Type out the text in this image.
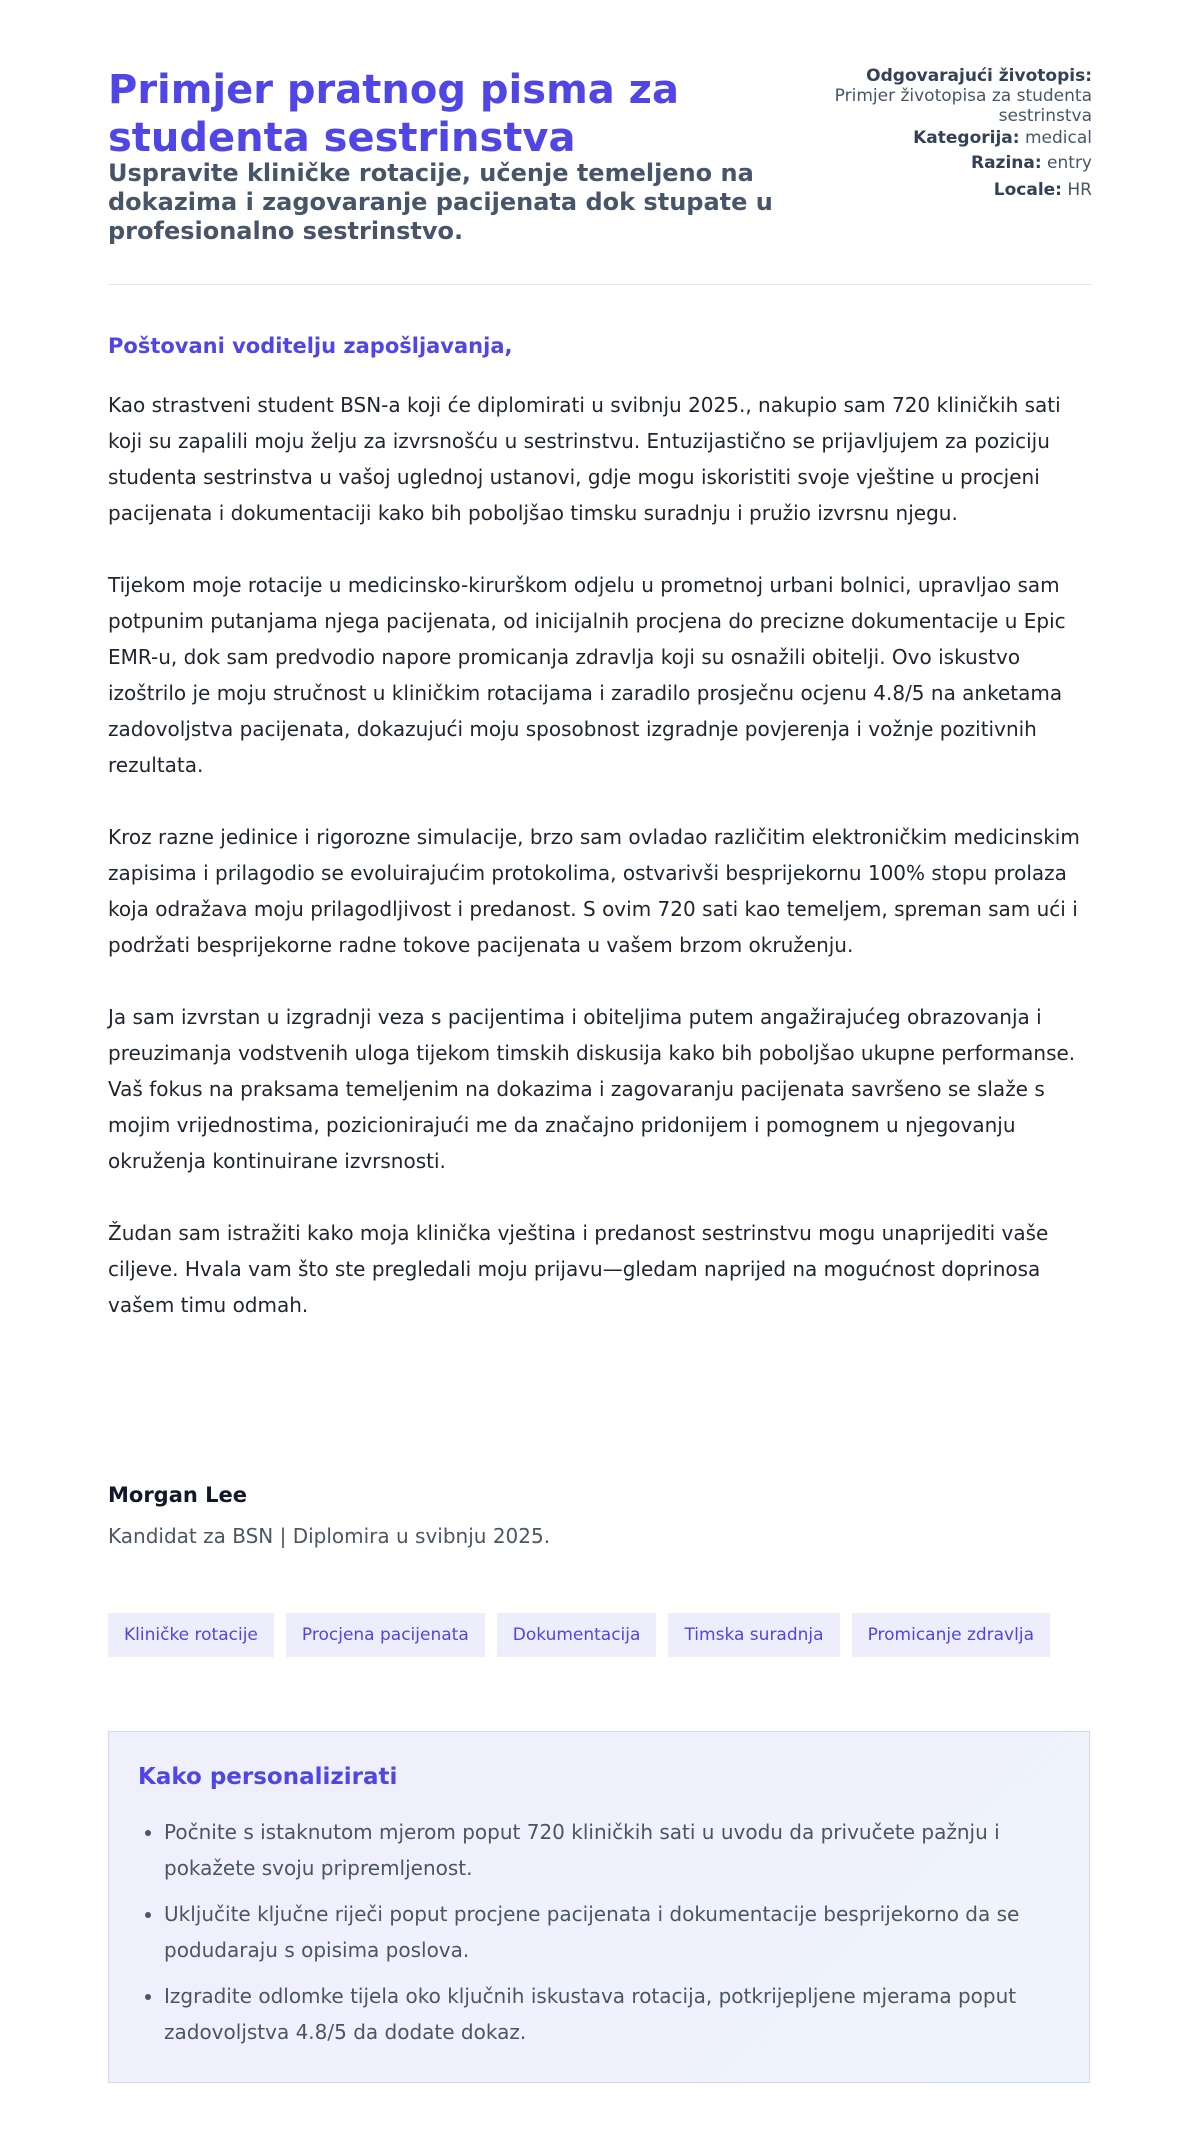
Primjer pratnog pisma za studenta sestrinstva
Uspravite kliničke rotacije, učenje temeljeno na dokazima i zagovaranje pacijenata dok stupate u profesionalno sestrinstvo.
Odgovarajući životopis:
Primjer životopisa za studenta sestrinstva
Kategorija: medical
Razina: entry
Locale: HR

Poštovani voditelju zapošljavanja,

Kao strastveni student BSN-a koji će diplomirati u svibnju 2025., nakupio sam 720 kliničkih sati koji su zapalili moju želju za izvrsnošću u sestrinstvu. Entuzijastično se prijavljujem za poziciju studenta sestrinstva u vašoj uglednoj ustanovi, gdje mogu iskoristiti svoje vještine u procjeni pacijenata i dokumentaciji kako bih poboljšao timsku suradnju i pružio izvrsnu njegu.

Tijekom moje rotacije u medicinsko-kirurškom odjelu u prometnoj urbani bolnici, upravljao sam potpunim putanjama njega pacijenata, od inicijalnih procjena do precizne dokumentacije u Epic EMR-u, dok sam predvodio napore promicanja zdravlja koji su osnažili obitelji. Ovo iskustvo izoštrilo je moju stručnost u kliničkim rotacijama i zaradilo prosječnu ocjenu 4.8/5 na anketama zadovoljstva pacijenata, dokazujući moju sposobnost izgradnje povjerenja i vožnje pozitivnih rezultata.

Kroz razne jedinice i rigorozne simulacije, brzo sam ovladao različitim elektroničkim medicinskim zapisima i prilagodio se evoluirajućim protokolima, ostvarivši besprijekornu 100% stopu prolaza koja odražava moju prilagodljivost i predanost. S ovim 720 sati kao temeljem, spreman sam ući i podržati besprijekorne radne tokove pacijenata u vašem brzom okruženju.

Ja sam izvrstan u izgradnji veza s pacijentima i obiteljima putem angažirajućeg obrazovanja i preuzimanja vodstvenih uloga tijekom timskih diskusija kako bih poboljšao ukupne performanse. Vaš fokus na praksama temeljenim na dokazima i zagovaranju pacijenata savršeno se slaže s mojim vrijednostima, pozicionirajući me da značajno pridonijem i pomognem u njegovanju okruženja kontinuirane izvrsnosti.

Žudan sam istražiti kako moja klinička vještina i predanost sestrinstvu mogu unaprijediti vaše ciljeve. Hvala vam što ste pregledali moju prijavu—gledam naprijed na mogućnost doprinosa vašem timu odmah.

Morgan Lee

Kandidat za BSN | Diplomira u svibnju 2025.

Kliničke rotacije	Procjena pacijenata	Dokumentacija	Timska suradnja	Promicanje zdravlja
Kako personalizirati
• Počnite s istaknutom mjerom poput 720 kliničkih sati u uvodu da privučete pažnju i pokažete svoju pripremljenost.
• Uključite ključne riječi poput procjene pacijenata i dokumentacije besprijekorno da se podudaraju s opisima poslova.
• Izgradite odlomke tijela oko ključnih iskustava rotacija, potkrijepljene mjerama poput zadovoljstva 4.8/5 da dodate dokaz.
